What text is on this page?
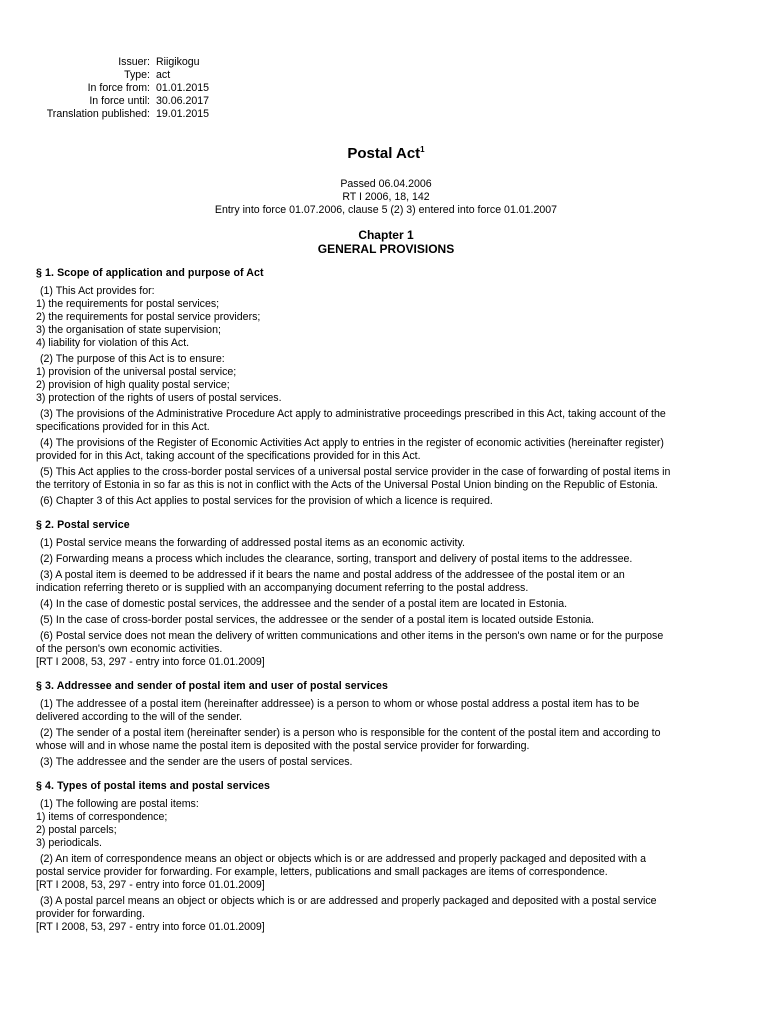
Issuer: Riigikogu
Type: act
In force from: 01.01.2015
In force until: 30.06.2017
Translation published: 19.01.2015
Postal Act$^1$
Passed 06.04.2006
RT I 2006, 18, 142
Entry into force 01.07.2006, clause 5 (2) 3) entered into force 01.01.2007
Chapter 1
GENERAL PROVISIONS
§ 1. Scope of application and purpose of Act
(1) This Act provides for:
1) the requirements for postal services;
2) the requirements for postal service providers;
3) the organisation of state supervision;
4) liability for violation of this Act.
(2) The purpose of this Act is to ensure:
1) provision of the universal postal service;
2) provision of high quality postal service;
3) protection of the rights of users of postal services.
(3) The provisions of the Administrative Procedure Act apply to administrative proceedings prescribed in this Act, taking account of the
specifications provided for in this Act.
(4) The provisions of the Register of Economic Activities Act apply to entries in the register of economic activities (hereinafter register)
provided for in this Act, taking account of the specifications provided for in this Act.
(5) This Act applies to the cross-border postal services of a universal postal service provider in the case of forwarding of postal items in
the territory of Estonia in so far as this is not in conflict with the Acts of the Universal Postal Union binding on the Republic of Estonia.
(6) Chapter 3 of this Act applies to postal services for the provision of which a licence is required.
§ 2. Postal service
(1) Postal service means the forwarding of addressed postal items as an economic activity.
(2) Forwarding means a process which includes the clearance, sorting, transport and delivery of postal items to the addressee.
(3) A postal item is deemed to be addressed if it bears the name and postal address of the addressee of the postal item or an
indication referring thereto or is supplied with an accompanying document referring to the postal address.
(4) In the case of domestic postal services, the addressee and the sender of a postal item are located in Estonia.
(5) In the case of cross-border postal services, the addressee or the sender of a postal item is located outside Estonia.
(6) Postal service does not mean the delivery of written communications and other items in the person's own name or for the purpose
of the person's own economic activities.
[RT I 2008, 53, 297 - entry into force 01.01.2009]
§ 3. Addressee and sender of postal item and user of postal services
(1) The addressee of a postal item (hereinafter addressee) is a person to whom or whose postal address a postal item has to be
delivered according to the will of the sender.
(2) The sender of a postal item (hereinafter sender) is a person who is responsible for the content of the postal item and according to
whose will and in whose name the postal item is deposited with the postal service provider for forwarding.
(3) The addressee and the sender are the users of postal services.
§ 4. Types of postal items and postal services
(1) The following are postal items:
1) items of correspondence;
2) postal parcels;
3) periodicals.
(2) An item of correspondence means an object or objects which is or are addressed and properly packaged and deposited with a
postal service provider for forwarding. For example, letters, publications and small packages are items of correspondence.
[RT I 2008, 53, 297 - entry into force 01.01.2009]
(3) A postal parcel means an object or objects which is or are addressed and properly packaged and deposited with a postal service
provider for forwarding.
[RT I 2008, 53, 297 - entry into force 01.01.2009]
